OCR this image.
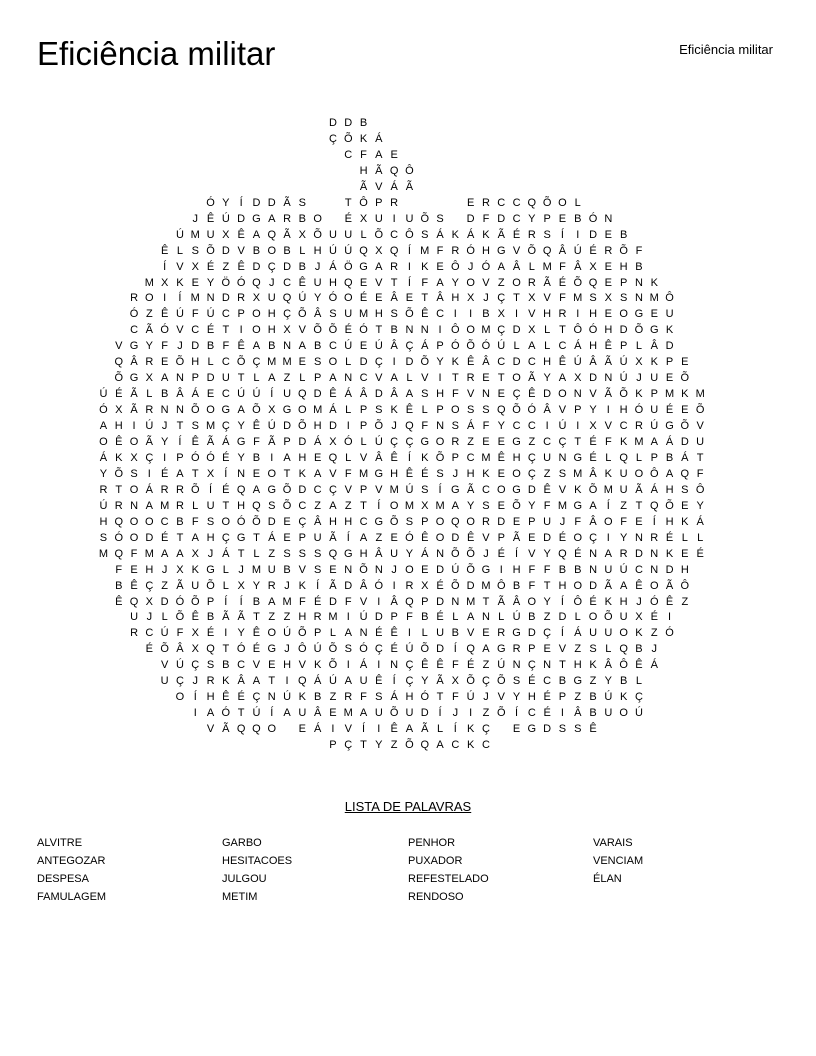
Eficiência militar	Eficiência militar
D D B
Ç Õ K Á
C F A E
H Ã Q Ô
Ã V Á Ã
Ó Y Í D D Ã S	T Ô P R	E R C C Q Õ O L
J Ê Ú D G A R B O	É X U I U Õ S	D F D C Y P E B Ó N
Ú M U X Ê A Q Ã X Õ U U L Õ C Ô S Á K Á K Ã É R S Í	I D E B
Ê L S Õ D V B O B L H Ú Ú Q X Q Í M F R Ó H G V Õ Q Â Ú É R Õ F
Í V X É Z Ê D Ç D B J Á Ö G A R I K E Ô J Ó A Â L M F Â X E H B
M X K E Y Ö Ó Q J C Ê U H Q E V T Í F A Y O V Z O R Ã É Õ Q E P N K
R O I	Í M N D R X U Q Ú Y Ó O É E Â E T Â H X J Ç T X V F M S X S N M Ô
Ó Z Ê Ú F Ú C P O H Ç Õ Â S U M H S Õ Ê C I	I B X I V H R I H E O G E U
C Ã Ó V C É T I O H X V Õ Õ É Ó T B N N I Ô O M Ç D X L T Ô Ó H D Õ G K
V G Y F J D B F Ê A B N A B C Ú E Ú Â Ç Á P Ó Õ Ó Ú L A L C Á H Ê P L Â D
Q Â R E Õ H L C Õ Ç M M E S O L D Ç I D Õ Y K Ê Â C D C H Ê Ú Â Ã Ú X K P E
Õ G X A N P D U T L A Z L P A N C V A L V I T R E T O Ã Y A X D N Ú J U E Õ
Ú É Ã L B Â Á E C Ú Ú Í U Q D Ê Á Â D Â A S H F V N E Ç Ê D O N V Ã Õ K P M K M
Ó X Ã R N N Õ O G A Õ X G O M Á L P S K Ê L P O S S Q Õ Ó Â V P Y I H Ó U É E Õ
A H I Ú J T S M Ç Y Ê Ú D Õ H D I P Õ J Q F N S Á F Y C C I Ú I X V C R Ú G Õ V
O Ê O Ã Y Í Ê Ã Á G F Ã P D Á X Ó L Ú Ç Ç G O R Z E E G Z C Ç T É F K M A Á D U
Á K X Ç I P Ó Ó É Y B I A H E Q L V Â Ê Í K Õ P C M Ê H Ç U N G É L Q L P B Á T
Y Õ S I É A T X Í N E O T K A V F M G H Ê É S J H K E O Ç Z S M Â K U O Ô A Q F
R T O Á R R Õ Í É Q A G Õ D C Ç V P V M Ú S Í G Ã C O G D Ê V K Õ M U Ã Á H S Ô
Ú R N A M R L U T H Q S Õ C Z A Z T Í O M X M A Y S E Õ Y F M G A Í Z T Q Õ E Y
H Q O O C B F S O Ó Õ D E Ç Â H H C G Õ S P O Q O R D E P U J F Â O F E Í H K Á
S Ó O D É T A H Ç G T Á E P U Ã Í A Z E Ó Ê O D Ê V P Ã E D É O Ç I Y N R É L L
M Q F M A A X J Á T L Z S S S Q G H Â U Y Á N Õ Õ J É Í V Y Q É N A R D N K E É
F E H J X K G L J M U B V S E N Õ N J O E D Ú Õ G I H F F B B N U Ú C N D H
B Ê Ç Z Ã U Õ L X Y R J K Í Ã D Â Ó I R X É Õ D M Ô B F T H O D Ã A Ê O Ã Ô
Ê Q X D Ó Õ P Í	Í B A M F É D F V I Â Q P D N M T Ã Â O Y Í Ô É K H J Ó Ê Z
U J L Õ Ê B Ã Ã T Z Z H R M I Ú D P F B É L A N L Ú B Z D L O Õ U X É I
R C Ú F X É I Y Ê O Ú Õ P L A N É Ê I L U B V E R G D Ç Í Á U U O K Z Ó
É Õ Â X Q T Ó É G J Ô Ú Õ S Ó Ç É Ú Õ D Í Q A G R P E V Z S L Q B J
V Ú Ç S B C V E H V K Õ I Á I N Ç Ê Ê F É Z Ú N Ç N T H K Â Ô Ê Á
U Ç J R K Â A T I Q Á Ú A U Ê Í Ç Y Ã X Õ Ç Õ S É C B G Z Y B L
O Í H Ê É Ç N Ú K B Z R F S Á H Ó T F Ú J V Y H É P Z B Ú K Ç
I A Ó T Ú Í A U Â E M A U Õ U D Í	J	I Z Õ Í C É I Â B U O Ú
V Ã Q Q O	E Á I V Í	I Ê A Ã L Í K Ç	E G D S S Ê
P Ç T Y Z Õ Q A C K C
LISTA DE PALAVRAS
ALVITRE
ANTEGOZAR
DESPESA
FAMULAGEM
GARBO
HESITACOES
JULGOU
METIM
PENHOR
PUXADOR
REFESTELADO
RENDOSO
VARAIS
VENCIAM
ÉLAN
